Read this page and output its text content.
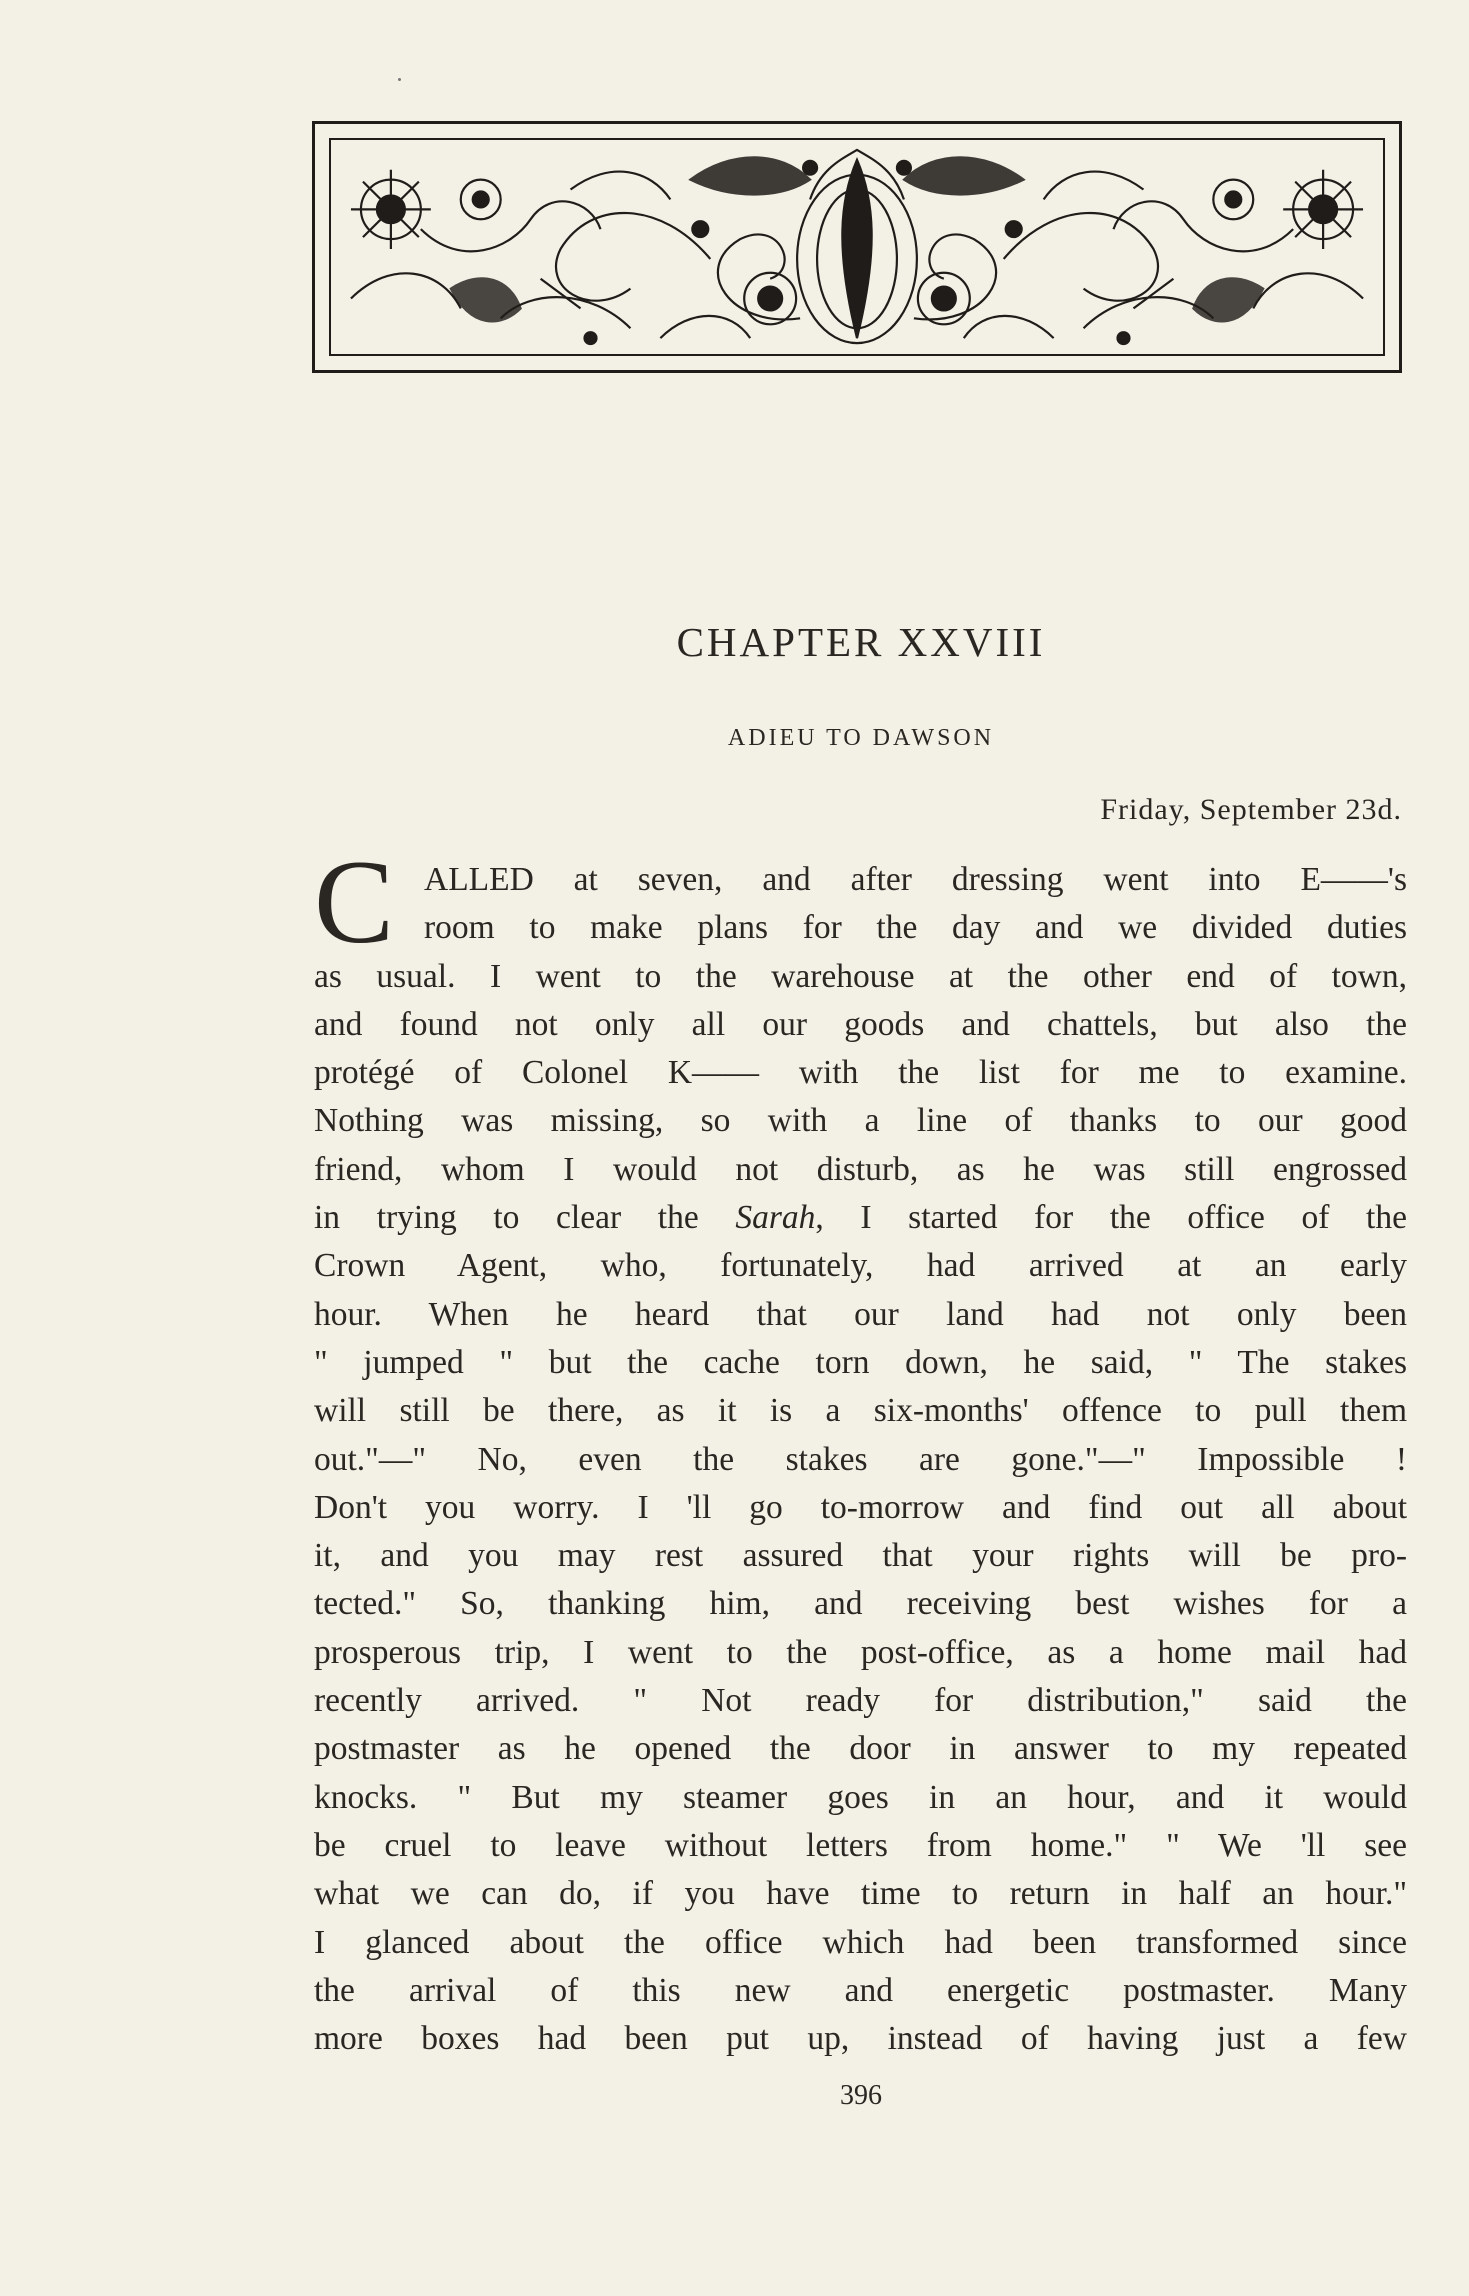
CHAPTER XXVIII
ADIEU TO DAWSON
Friday, September 23d.
C ALLED at seven, and after dressing went into E——'s
room to make plans for the day and we divided duties
as usual. I went to the warehouse at the other end of town,
and found not only all our goods and chattels, but also the
protégé of Colonel K—— with the list for me to examine.
Nothing was missing, so with a line of thanks to our good
friend, whom I would not disturb, as he was still engrossed
in trying to clear the Sarah, I started for the office of the
Crown Agent, who, fortunately, had arrived at an early
hour. When he heard that our land had not only been
" jumped " but the cache torn down, he said, " The stakes
will still be there, as it is a six-months' offence to pull them
out."—" No, even the stakes are gone."—" Impossible !
Don't you worry. I 'll go to-morrow and find out all about
it, and you may rest assured that your rights will be pro-
tected." So, thanking him, and receiving best wishes for a
prosperous trip, I went to the post-office, as a home mail had
recently arrived. " Not ready for distribution," said the
postmaster as he opened the door in answer to my repeated
knocks. " But my steamer goes in an hour, and it would
be cruel to leave without letters from home." " We 'll see
what we can do, if you have time to return in half an hour."
I glanced about the office which had been transformed since
the arrival of this new and energetic postmaster. Many
more boxes had been put up, instead of having just a few
396
